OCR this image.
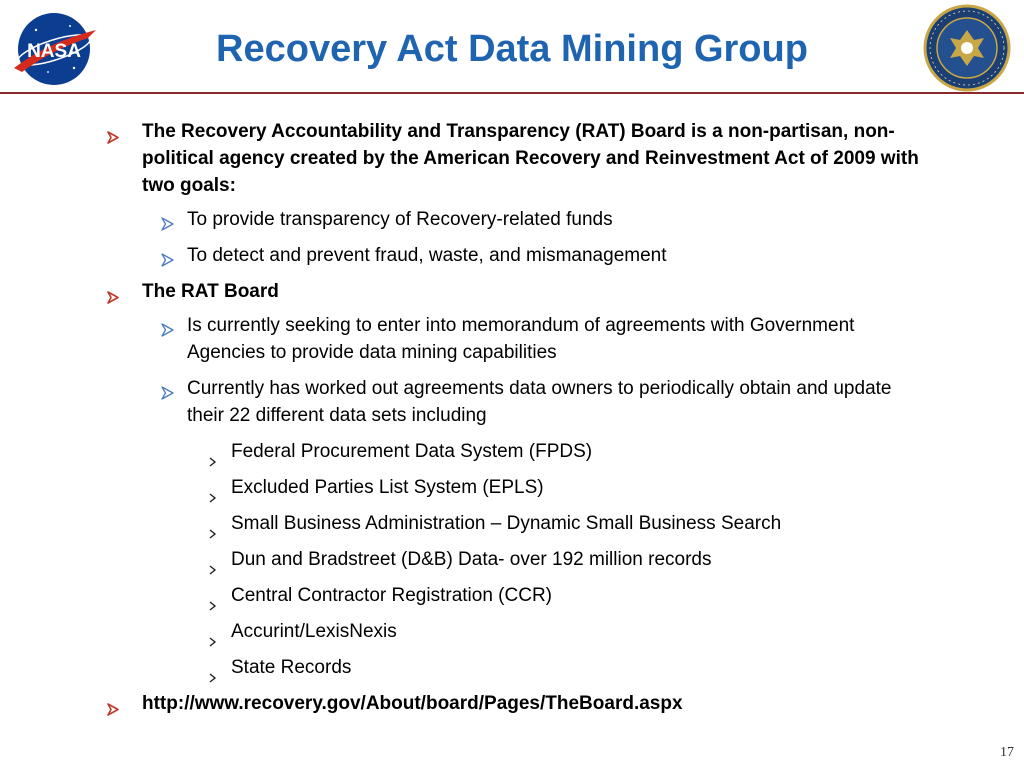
NASA	Recovery Act Data Mining Group
The Recovery Accountability and Transparency (RAT) Board is a non-partisan, non-political agency created by the American Recovery and Reinvestment Act of 2009 with two goals:
To provide transparency of Recovery-related funds
To detect and prevent fraud, waste, and mismanagement
The RAT Board
Is currently seeking to enter into memorandum of agreements with Government Agencies to provide data mining capabilities
Currently has worked out agreements data owners to periodically obtain and update their 22 different data sets including
Federal Procurement Data System (FPDS)
Excluded Parties List System (EPLS)
Small Business Administration – Dynamic Small Business Search
Dun and Bradstreet (D&B) Data- over 192 million records
Central Contractor Registration (CCR)
Accurint/LexisNexis
State Records
http://www.recovery.gov/About/board/Pages/TheBoard.aspx
17
